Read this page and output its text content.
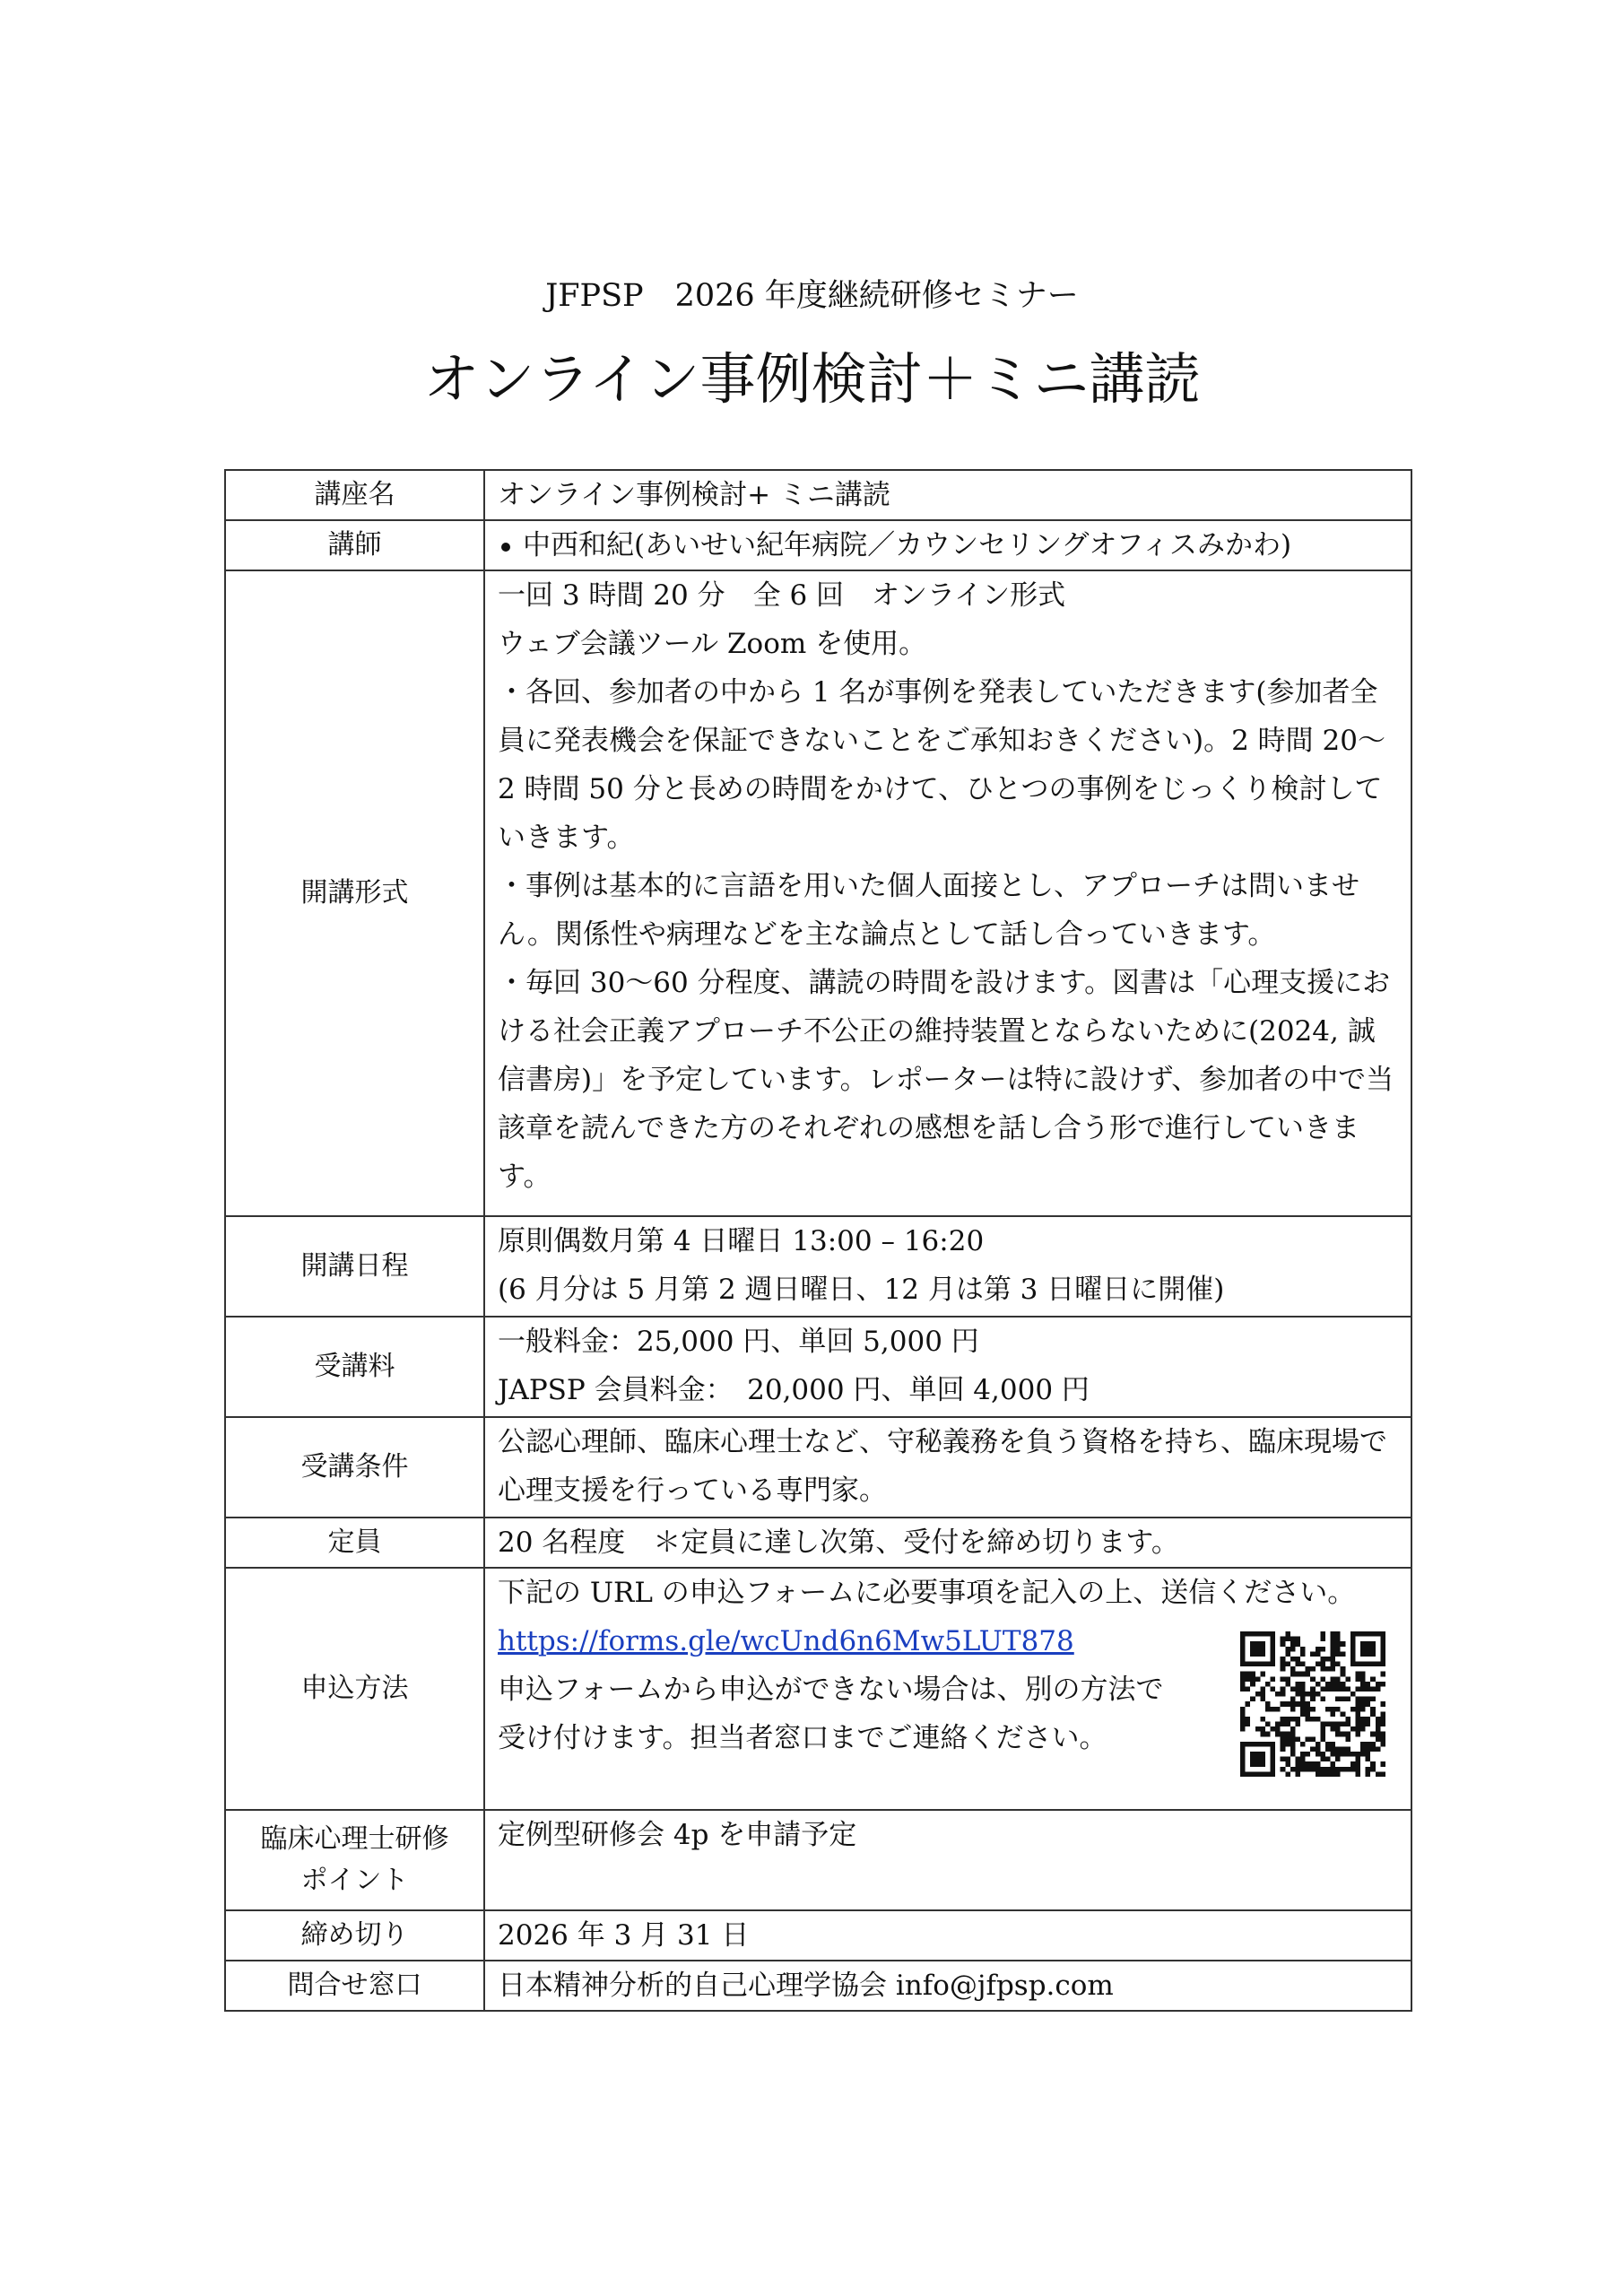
JFPSP　2026 年度継続研修セミナー
オンライン事例検討＋ミニ講読
講座名	オンライン事例検討+ ミニ講読
講師	中西和紀(あいせい紀年病院／カウンセリングオフィスみかわ)
開講形式	一回 3 時間 20 分　全 6 回　オンライン形式

ウェブ会議ツール Zoom を使用。

・各回、参加者の中から 1 名が事例を発表していただきます(参加者全員に発表機会を保証できないことをご承知おきください)。2 時間 20～2 時間 50 分と長めの時間をかけて、ひとつの事例をじっくり検討していきます。

・事例は基本的に言語を用いた個人面接とし、アプローチは問いません。関係性や病理などを主な論点として話し合っていきます。

・毎回 30～60 分程度、講読の時間を設けます。図書は「心理支援における社会正義アプローチ不公正の維持装置とならないために(2024, 誠信書房)」を予定しています。レポーターは特に設けず、参加者の中で当該章を読んできた方のそれぞれの感想を話し合う形で進行していきます。

開講日程	原則偶数月第 4 日曜日 13:00 – 16:20

(6 月分は 5 月第 2 週日曜日、12 月は第 3 日曜日に開催)

受講料	一般料金：25,000 円、単回 5,000 円

JAPSP 会員料金：　20,000 円、単回 4,000 円

受講条件	公認心理師、臨床心理士など、守秘義務を負う資格を持ち、臨床現場で心理支援を行っている専門家。
定員	20 名程度　＊定員に達し次第、受付を締め切ります。
申込方法	下記の URL の申込フォームに必要事項を記入の上、送信ください。

https://forms.gle/wcUnd6n6Mw5LUT878

申込フォームから申込ができない場合は、別の方法で

受け付けます。担当者窓口までご連絡ください。

臨床心理士研修
ポイント	定例型研修会 4p を申請予定
締め切り	2026 年 3 月 31 日
問合せ窓口	日本精神分析的自己心理学協会 info@jfpsp.com
